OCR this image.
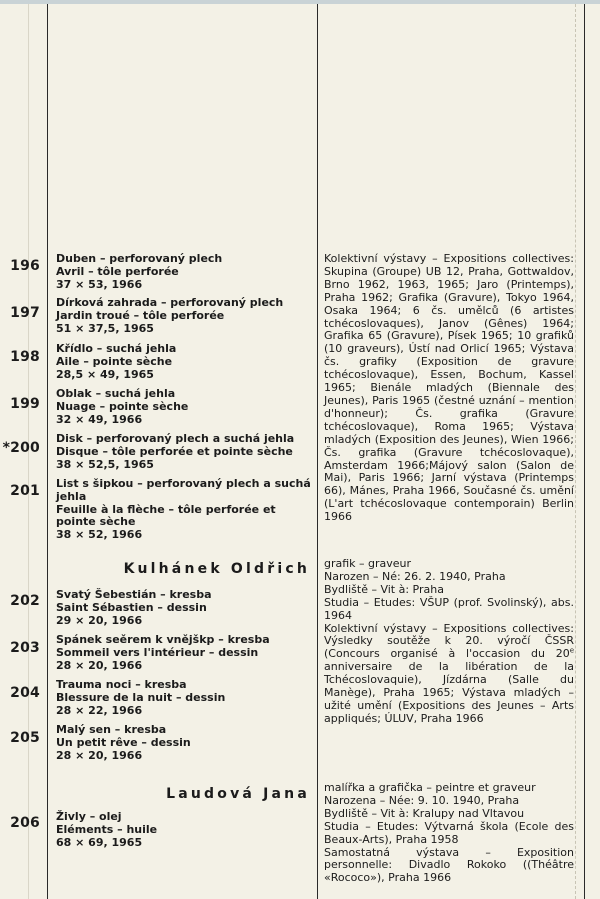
196
197
198
199
*200
201
202
203
204
205
206
Duben – perforovaný plech
Avril – tôle perforée
37 × 53, 1966
Dírková zahrada – perforovaný plech
Jardin troué – tôle perforée
51 × 37,5, 1965
Křídlo – suchá jehla
Aile – pointe sèche
28,5 × 49, 1965
Oblak – suchá jehla
Nuage – pointe sèche
32 × 49, 1966
Disk – perforovaný plech a suchá jehla
Disque – tôle perforée et pointe sèche
38 × 52,5, 1965
List s šipkou – perforovaný plech a suchá jehla
Feuille à la flèche – tôle perforée et pointe sèche
38 × 52, 1966
Kulhánek Oldřich
Svatý Šebestián – kresba
Saint Sébastien – dessin
29 × 20, 1966
Spánek seěrem k vnějškp – kresba
Sommeil vers l'intérieur – dessin
28 × 20, 1966
Trauma noci – kresba
Blessure de la nuit – dessin
28 × 22, 1966
Malý sen – kresba
Un petit rêve – dessin
28 × 20, 1966
Laudová Jana
Živly – olej
Eléments – huile
68 × 69, 1965
Kolektivní výstavy – Expositions collectives: Skupina (Groupe) UB 12, Praha, Gottwaldov, Brno 1962, 1963, 1965; Jaro (Printemps), Praha 1962; Grafika (Gravure), Tokyo 1964, Osaka 1964; 6 čs. umělců (6 artistes tchécoslovaques), Janov (Gênes) 1964; Grafika 65 (Gravure), Písek 1965; 10 grafiků (10 graveurs), Ústí nad Orlicí 1965; Výstava čs. grafiky (Exposition de gravure tchécoslovaque), Essen, Bochum, Kassel 1965; Bienále mladých (Biennale des Jeunes), Paris 1965 (čestné uznání – mention d'honneur); Čs. grafika (Gravure tchécoslovaque), Roma 1965; Výstava mladých (Exposition des Jeunes), Wien 1966; Čs. grafika (Gravure tchécoslovaque), Amsterdam 1966;Májový salon (Salon de Mai), Paris 1966; Jarní výstava (Printemps 66), Mánes, Praha 1966, Současné čs. umění (L'art tchécoslovaque contemporain) Berlin 1966
grafik – graveur
Narozen – Né: 26. 2. 1940, Praha
Bydliště – Vit à: Praha
Studia – Etudes: VŠUP (prof. Svolinský), abs. 1964
Kolektivní výstavy – Expositions collectives: Výsledky soutěže k 20. výročí ČSSR (Concours organisé à l'occasion du 20e anniversaire de la libération de la Tchécoslovaquie), Jízdárna (Salle du Manège), Praha 1965; Výstava mladých – užité umění (Expositions des Jeunes – Arts appliqués; ÚLUV, Praha 1966
malířka a grafička – peintre et graveur
Narozena – Née: 9. 10. 1940, Praha
Bydliště – Vit à: Kralupy nad Vltavou
Studia – Etudes: Výtvarná škola (Ecole des Beaux-Arts), Praha 1958
Samostatná výstava – Exposition personnelle: Divadlo Rokoko ((Théâtre «Rococo»), Praha 1966
